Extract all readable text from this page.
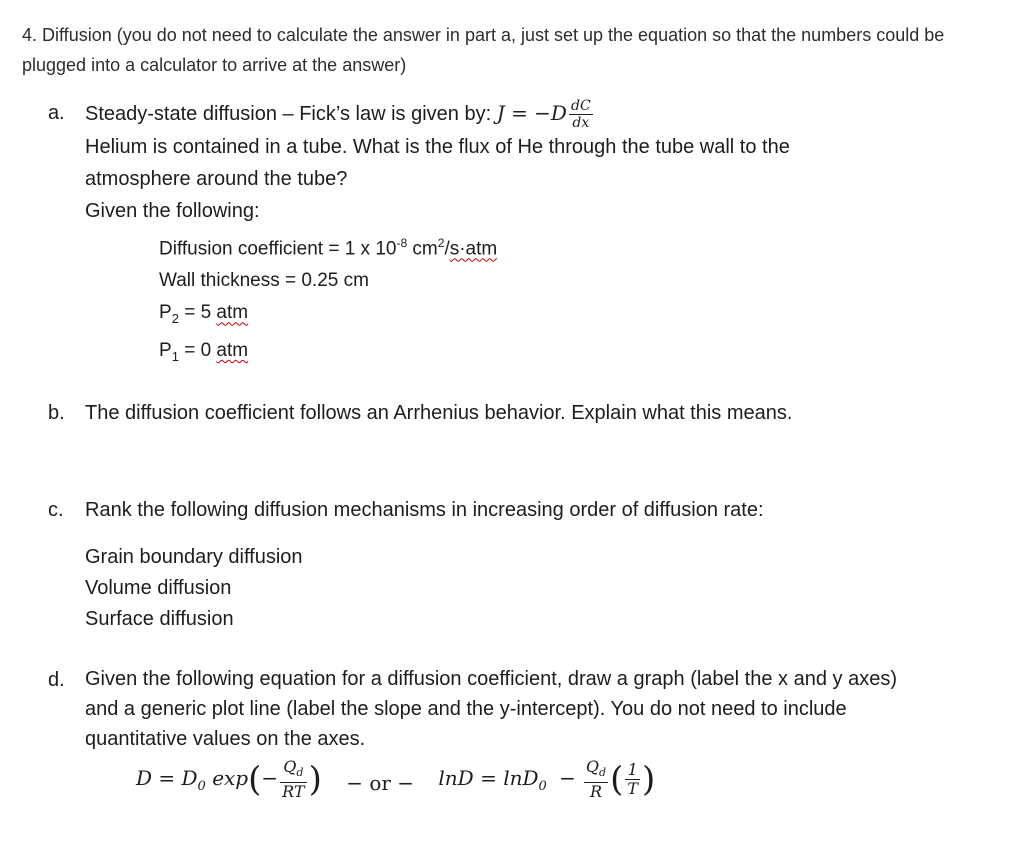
4. Diffusion (you do not need to calculate the answer in part a, just set up the equation so that the numbers could be plugged into a calculator to arrive at the answer)
a.	Steady-state diffusion – Fick’s law is given by: $J = -D \frac{dC}{dx}$
Helium is contained in a tube. What is the flux of He through the tube wall to the atmosphere around the tube?
Given the following:
Diffusion coefficient = 1 x $10^{-8}$ $cm^2/s\cdot atm$
Wall thickness = 0.25 cm
$P_2 = 5$ atm
$P_1 = 0$ atm
b.	The diffusion coefficient follows an Arrhenius behavior. Explain what this means.
c.	Rank the following diffusion mechanisms in increasing order of diffusion rate:
Grain boundary diffusion
Volume diffusion
Surface diffusion
d.	Given the following equation for a diffusion coefficient, draw a graph (label the x and y axes) and a generic plot line (label the slope and the y-intercept). You do not need to include quantitative values on the axes.
$D = D_0$ $\exp(- \frac{Q_d}{RT}$ ) − or − $\ln D = \ln D_0 - \frac{Q_d}{R}$ ( $\frac{1}{T}$ )
